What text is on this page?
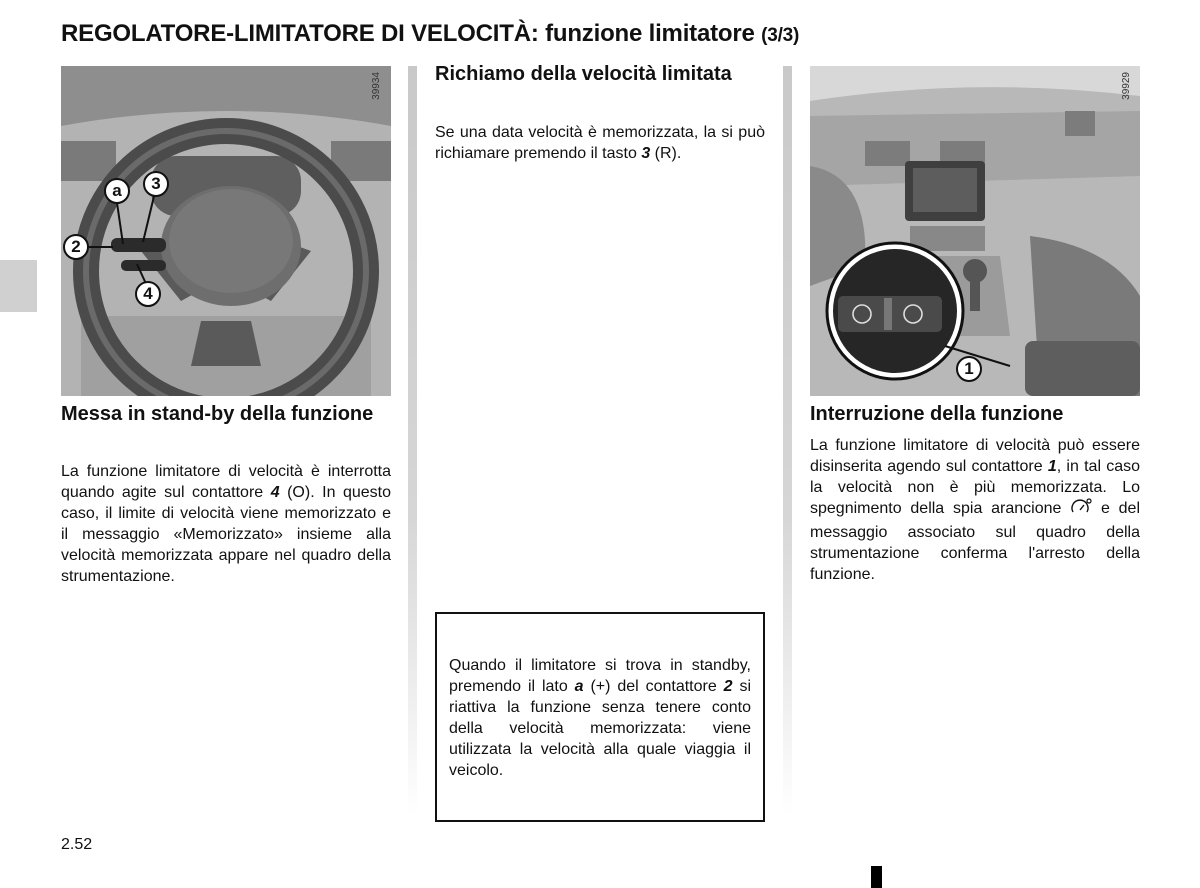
REGOLATORE-LIMITATORE DI VELOCITÀ: funzione limitatore (3/3)
a	3
2
4
39934
1
39929
Messa in stand-by della funzione

La funzione limitatore di velocità è interrotta quando agite sul contattore 4 (O). In questo caso, il limite di velocità viene memorizzato e il messaggio «Memorizzato» insieme alla velocità memorizzata appare nel quadro della strumentazione.

Richiamo della velocità limitata

Se una data velocità è memorizzata, la si può richiamare premendo il tasto 3 (R).

Quando il limitatore si trova in standby, premendo il lato a (+) del contattore 2 si riattiva la funzione senza tenere conto della velocità memorizzata: viene utilizzata la velocità alla quale viaggia il veicolo.

Interruzione della funzione

La funzione limitatore di velocità può essere disinserita agendo sul contattore 1, in tal caso la velocità non è più memorizzata. Lo spegnimento della spia arancione  e del messaggio associato sul quadro della strumentazione conferma l'arresto della funzione.

2.52
